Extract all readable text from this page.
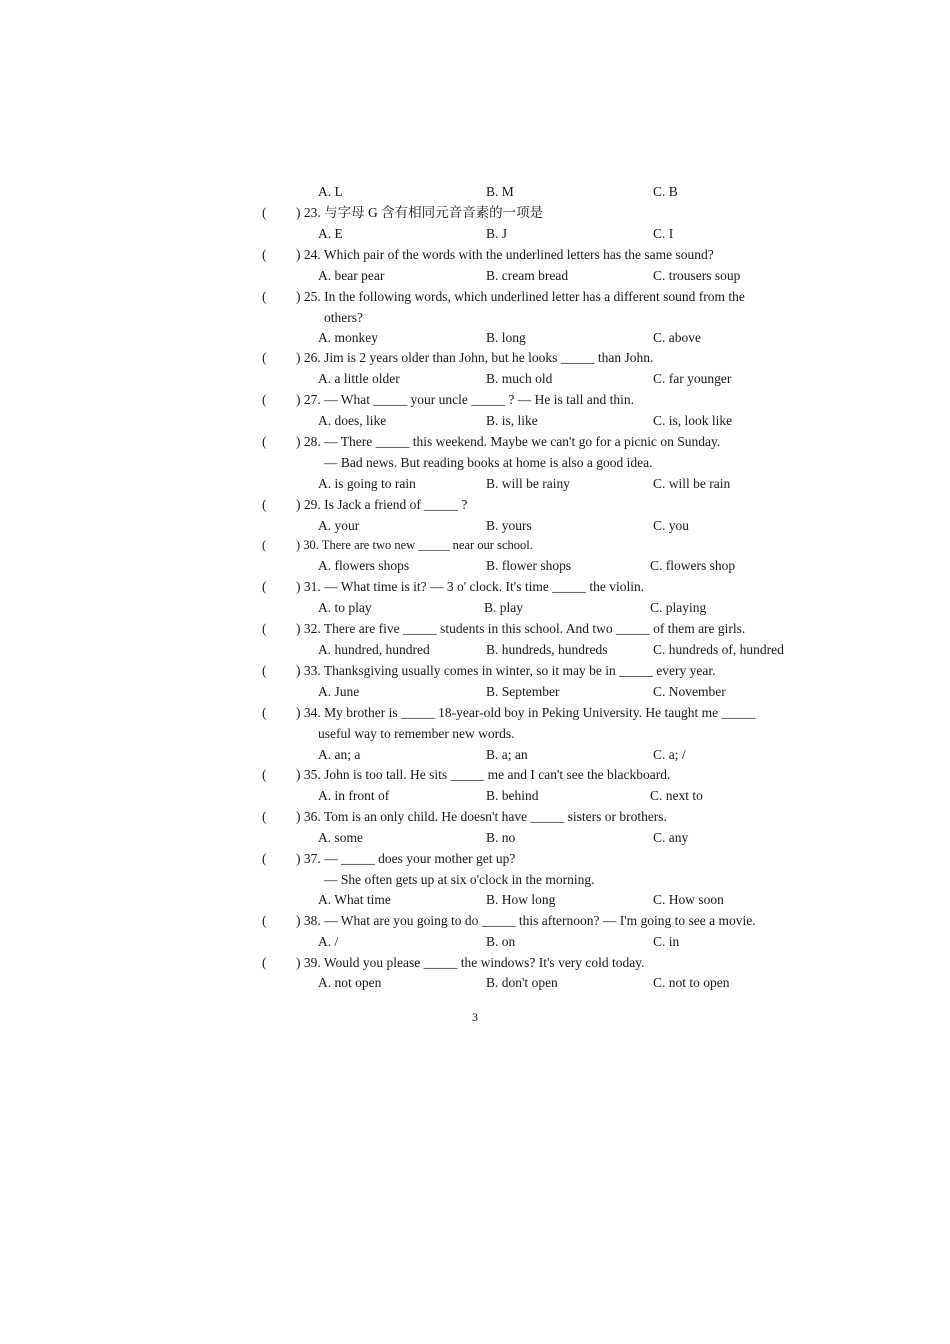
A. L	B. M	C. B
( ) 23. 与字母 G 含有相同元音音素的一项是
A. E	B. J	C. I
( ) 24. Which pair of the words with the underlined letters has the same sound?
A. bear pear	B. cream bread	C. trousers soup
( ) 25. In the following words, which underlined letter has a different sound from the
others?
A. monkey	B. long	C. above
( ) 26. Jim is 2 years older than John, but he looks _____ than John.
A. a little older	B. much old	C. far younger
( ) 27. — What _____ your uncle _____ ? — He is tall and thin.
A. does, like	B. is, like	C. is, look like
( ) 28. — There _____ this weekend. Maybe we can't go for a picnic on Sunday.
— Bad news. But reading books at home is also a good idea.
A. is going to rain	B. will be rainy	C. will be rain
( ) 29. Is Jack a friend of _____ ?
A. your	B. yours	C. you
( ) 30. There are two new _____ near our school.
A. flowers shops	B. flower shops	C. flowers shop
( ) 31. — What time is it? — 3 o' clock. It's time _____ the violin.
A. to play	B. play	C. playing
( ) 32. There are five _____ students in this school. And two _____ of them are girls.
A. hundred, hundred	B. hundreds, hundreds	C. hundreds of, hundred
( ) 33. Thanksgiving usually comes in winter, so it may be in _____ every year.
A. June	B. September	C. November
( ) 34. My brother is _____ 18-year-old boy in Peking University. He taught me _____
useful way to remember new words.
A. an; a	B. a; an	C. a; /
( ) 35. John is too tall. He sits _____ me and I can't see the blackboard.
A. in front of	B. behind	C. next to
( ) 36. Tom is an only child. He doesn't have _____ sisters or brothers.
A. some	B. no	C. any
( ) 37. — _____ does your mother get up?
— She often gets up at six o'clock in the morning.
A. What time	B. How long	C. How soon
( ) 38. — What are you going to do _____ this afternoon? — I'm going to see a movie.
A. /	B. on	C. in
( ) 39. Would you please _____ the windows? It's very cold today.
A. not open	B. don't open	C. not to open
3
